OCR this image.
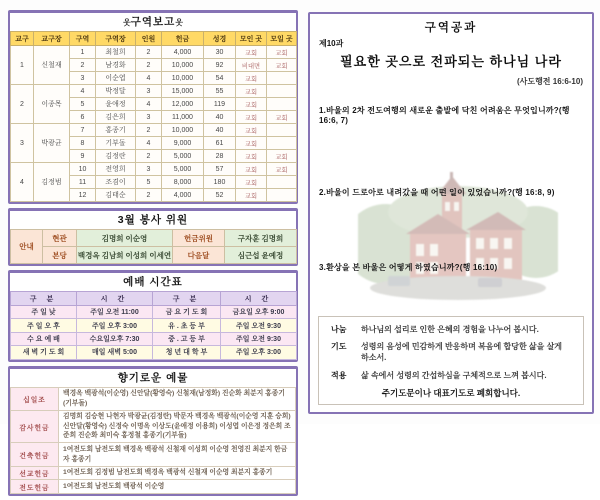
웃구역보고웃
교구	교구장	구역	구역장	인원	헌금	성경	모인 곳	모일 곳
1	신철재	1	최철희	2	4,000	30	교회	교회
		2	남경화	2	10,000	92	비대면	교회
		3	이순엽	4	10,000	54	교회	
2	이종목	4	박정달	3	15,000	55	교회	
		5	윤애정	4	12,000	119	교회	
		6	김은희	3	11,000	40	교회	교회
3	박광균	7	홍종기	2	10,000	40	교회	
		8	기부돌	4	9,000	61	교회	
		9	김정란	2	5,000	28	교회	교회
4	김정범	10	전영희	3	5,000	57	교회	교회
		11	조겸이	5	8,000	180	교회	
		12	김태순	2	4,000	52	교회	
3월 봉사 위원
안내	현관	김명희 이순영	헌금위원	구자훈 김명희
	본당	백경옥 김남희 이성희 이세연	다음달	심근섭 윤예정
예배 시간표
구 분	시 간	구 분	시 간
주 일 낮	주일 오전 11:00	금 요 기 도 회	금요일 오후 9:00
주 일 오 후	주일 오후 3:00	유 . 초 등 부	주일 오전 9:30
수 요 예 배	수요일오후 7:30	중 . 고 등 부	주일 오전 9:30
새 벽 기 도 회	매일 새벽 5:00	청 년 대 학 부	주일 오후 3:00
향기로운 예물
십일조	백경옥 백광석(이순영) 신안달(황영숙) 신철재(남정화) 진순화 최분지 홍종기(기부돌)
감사헌금	김명희 김승현 나현자 박광균(김정란) 박문자 백경옥 백광석(이순영 지훈 승희) 신안달(황영숙) 신정숙 이명옥 이상도(윤애정 이용희) 이성엽 이은정 정은희 조준희 진순화 최미숙 홍정철 홍종기(기부돌)
건축헌금	1여전도회 남전도회 백경옥 백광석 신철재 이성희 이순영 천영진 최분지 한금자 홍종기
선교헌금	1여전도회 김정범 남전도회 백경옥 백광석 신철재 이순영 최분지 홍종기
전도헌금	1여전도회 남전도회 백광석 이순영
구역공과
제10과
필요한 곳으로 전파되는 하나님 나라
(사도행전 16:6-10)
1.바울의 2차 전도여행의 새로운 출발에 닥친 어려움은 무엇입니까?(행 16:6, 7)
2.바울이 드로아로 내려갔을 때 어떤 일이 있었습니까?(행 16:8, 9)
3.환상을 본 바울은 어떻게 하였습니까?(행 16:10)
나눔	하나님의 섭리로 인한 은혜의 경험을 나누어 봅시다.
기도	성령의 음성에 민감하게 반응하며 복음에 합당한 삶을 살게 하소서.
적용	삶 속에서 성령의 간섭하심을 구체적으로 느껴 봅시다.
주기도문이나 대표기도로 폐회합니다.
